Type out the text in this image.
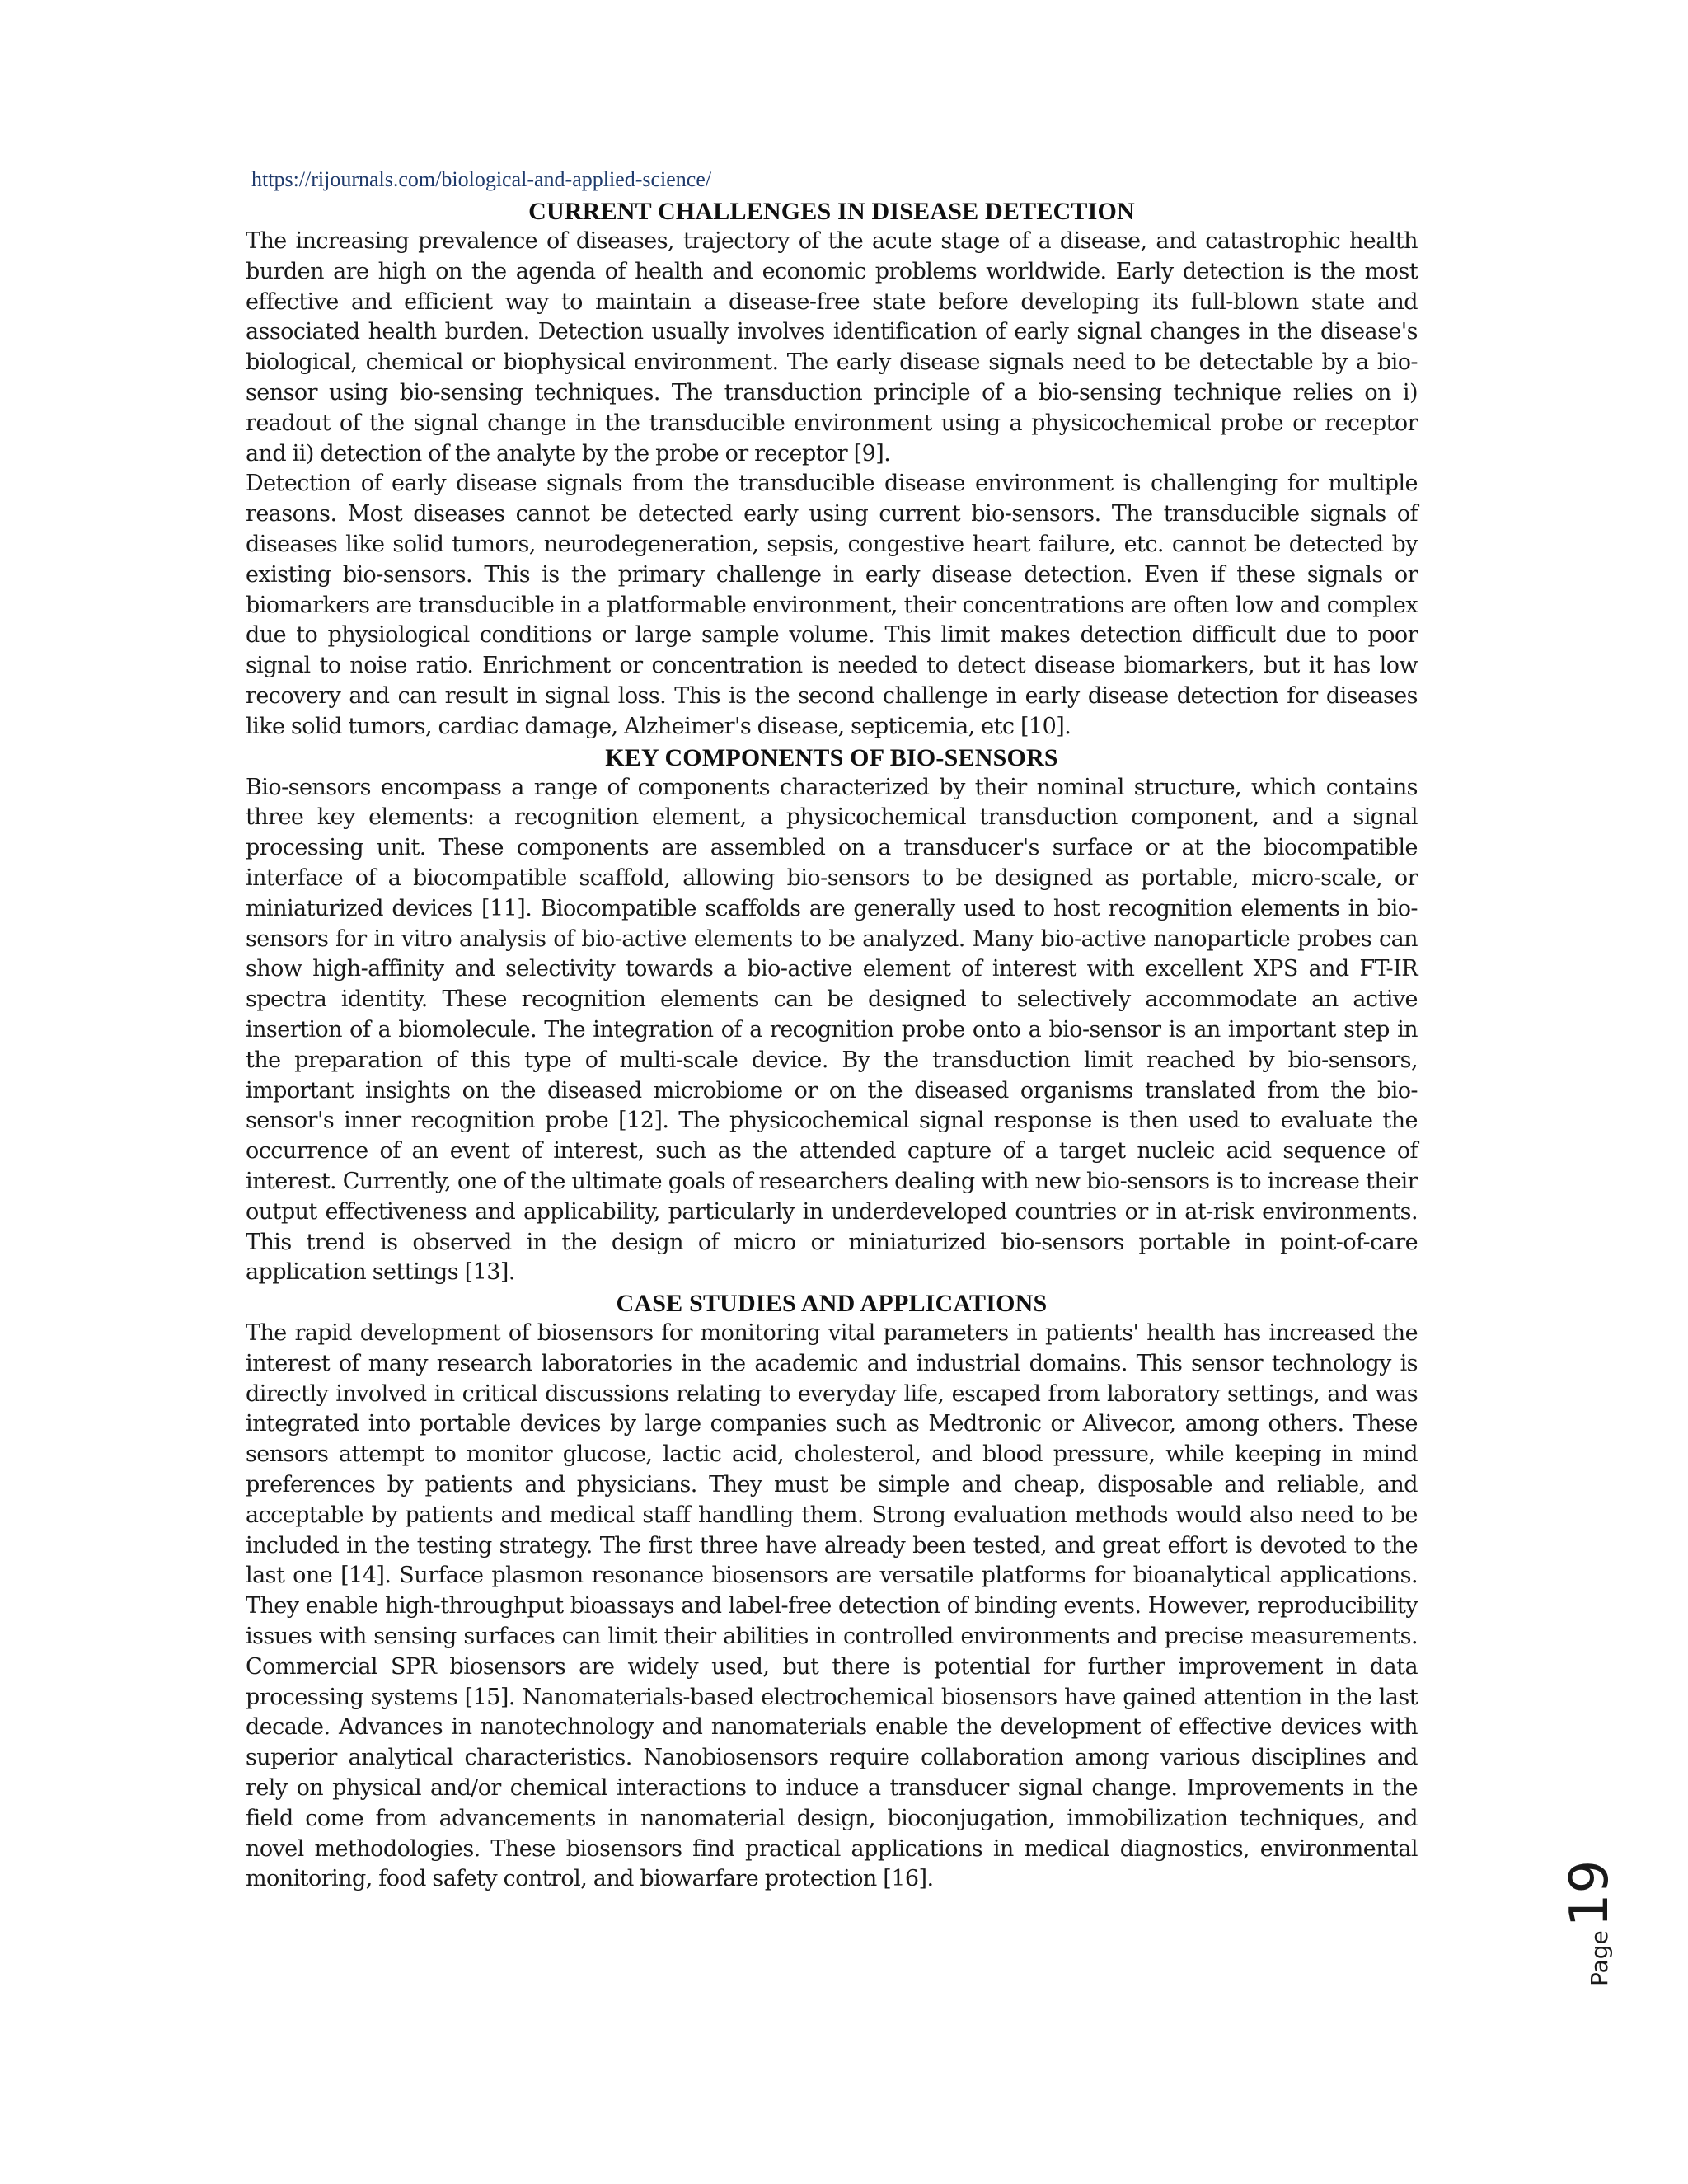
https://rijournals.com/biological-and-applied-science/
CURRENT CHALLENGES IN DISEASE DETECTION

The increasing prevalence of diseases, trajectory of the acute stage of a disease, and catastrophic health burden are high on the agenda of health and economic problems worldwide. Early detection is the most effective and efficient way to maintain a disease-free state before developing its full-blown state and associated health burden. Detection usually involves identification of early signal changes in the disease's biological, chemical or biophysical environment. The early disease signals need to be detectable by a bio-sensor using bio-sensing techniques. The transduction principle of a bio-sensing technique relies on i) readout of the signal change in the transducible environment using a physicochemical probe or receptor and ii) detection of the analyte by the probe or receptor [9].

Detection of early disease signals from the transducible disease environment is challenging for multiple reasons. Most diseases cannot be detected early using current bio-sensors. The transducible signals of diseases like solid tumors, neurodegeneration, sepsis, congestive heart failure, etc. cannot be detected by existing bio-sensors. This is the primary challenge in early disease detection. Even if these signals or biomarkers are transducible in a platformable environment, their concentrations are often low and complex due to physiological conditions or large sample volume. This limit makes detection difficult due to poor signal to noise ratio. Enrichment or concentration is needed to detect disease biomarkers, but it has low recovery and can result in signal loss. This is the second challenge in early disease detection for diseases like solid tumors, cardiac damage, Alzheimer's disease, septicemia, etc [10].

KEY COMPONENTS OF BIO-SENSORS

Bio-sensors encompass a range of components characterized by their nominal structure, which contains three key elements: a recognition element, a physicochemical transduction component, and a signal processing unit. These components are assembled on a transducer's surface or at the biocompatible interface of a biocompatible scaffold, allowing bio-sensors to be designed as portable, micro-scale, or miniaturized devices [11]. Biocompatible scaffolds are generally used to host recognition elements in bio-sensors for in vitro analysis of bio-active elements to be analyzed. Many bio-active nanoparticle probes can show high-affinity and selectivity towards a bio-active element of interest with excellent XPS and FT-IR spectra identity. These recognition elements can be designed to selectively accommodate an active insertion of a biomolecule. The integration of a recognition probe onto a bio-sensor is an important step in the preparation of this type of multi-scale device. By the transduction limit reached by bio-sensors, important insights on the diseased microbiome or on the diseased organisms translated from the bio-sensor's inner recognition probe [12]. The physicochemical signal response is then used to evaluate the occurrence of an event of interest, such as the attended capture of a target nucleic acid sequence of interest. Currently, one of the ultimate goals of researchers dealing with new bio-sensors is to increase their output effectiveness and applicability, particularly in underdeveloped countries or in at-risk environments. This trend is observed in the design of micro or miniaturized bio-sensors portable in point-of-care application settings [13].

CASE STUDIES AND APPLICATIONS

The rapid development of biosensors for monitoring vital parameters in patients' health has increased the interest of many research laboratories in the academic and industrial domains. This sensor technology is directly involved in critical discussions relating to everyday life, escaped from laboratory settings, and was integrated into portable devices by large companies such as Medtronic or Alivecor, among others. These sensors attempt to monitor glucose, lactic acid, cholesterol, and blood pressure, while keeping in mind preferences by patients and physicians. They must be simple and cheap, disposable and reliable, and acceptable by patients and medical staff handling them. Strong evaluation methods would also need to be included in the testing strategy. The first three have already been tested, and great effort is devoted to the last one [14]. Surface plasmon resonance biosensors are versatile platforms for bioanalytical applications. They enable high-throughput bioassays and label-free detection of binding events. However, reproducibility issues with sensing surfaces can limit their abilities in controlled environments and precise measurements. Commercial SPR biosensors are widely used, but there is potential for further improvement in data processing systems [15]. Nanomaterials-based electrochemical biosensors have gained attention in the last decade. Advances in nanotechnology and nanomaterials enable the development of effective devices with superior analytical characteristics. Nanobiosensors require collaboration among various disciplines and rely on physical and/or chemical interactions to induce a transducer signal change. Improvements in the field come from advancements in nanomaterial design, bioconjugation, immobilization techniques, and novel methodologies. These biosensors find practical applications in medical diagnostics, environmental monitoring, food safety control, and biowarfare protection [16].

Page19
